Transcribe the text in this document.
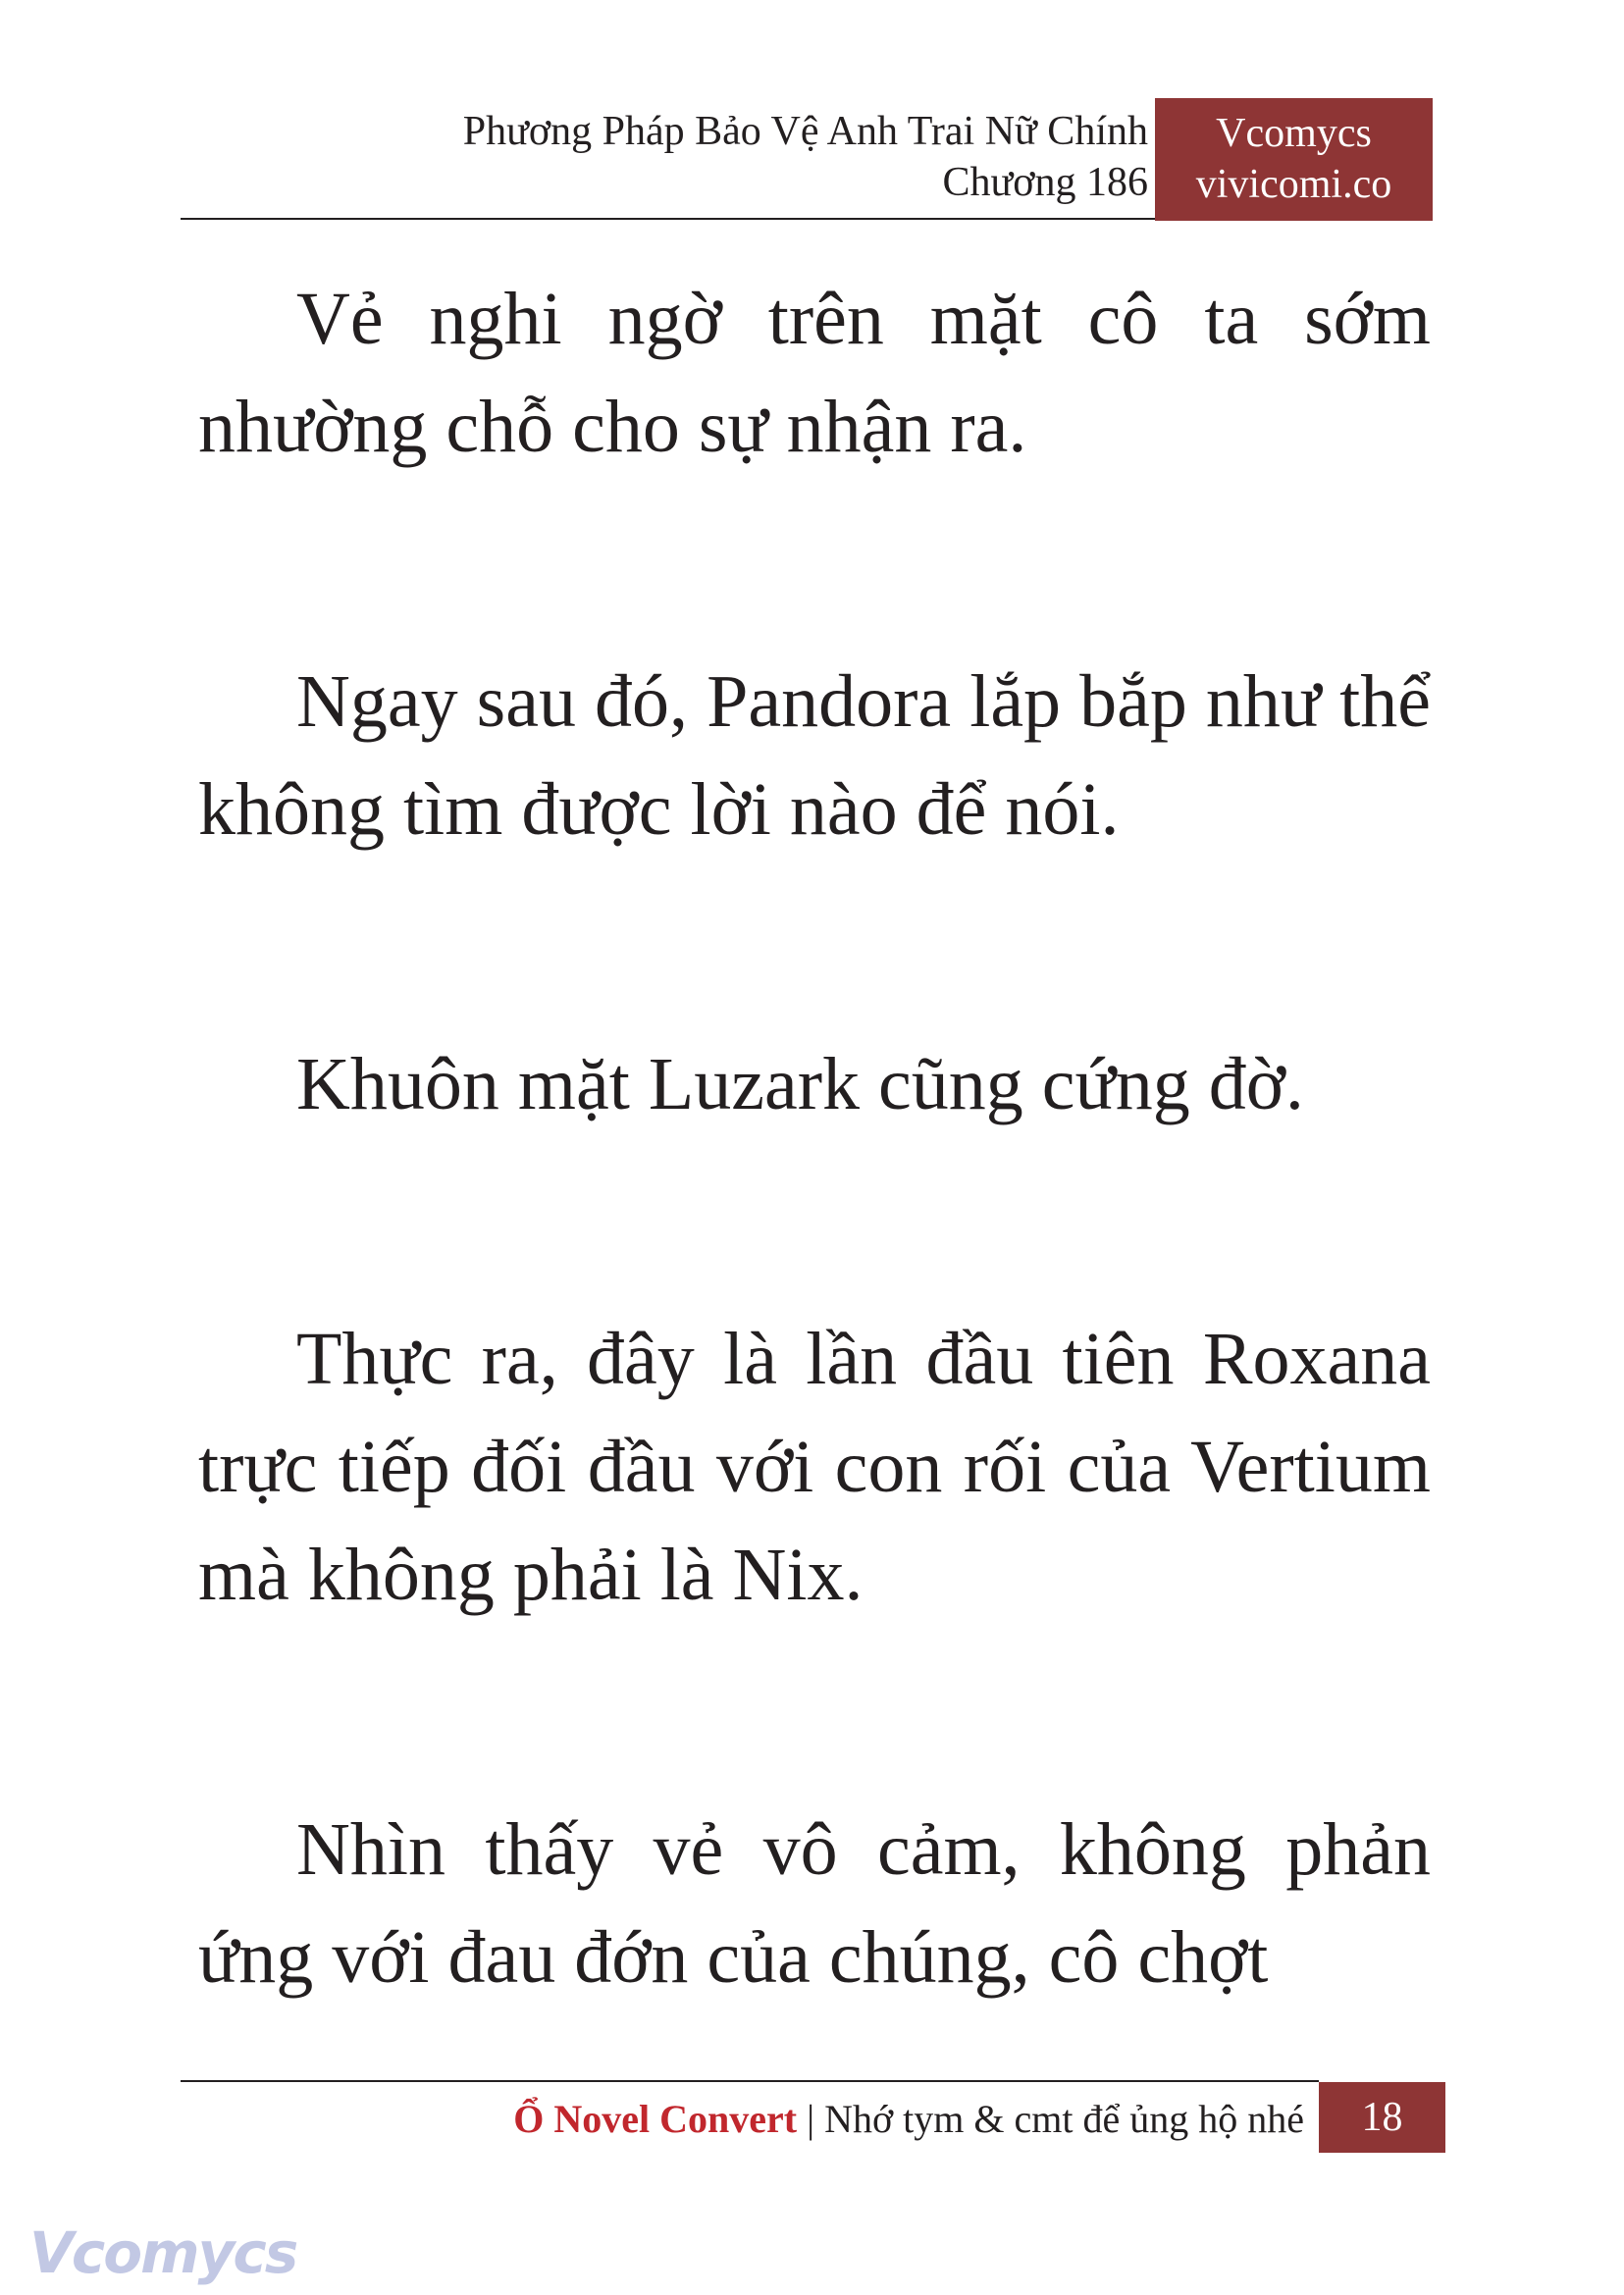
Phương Pháp Bảo Vệ Anh Trai Nữ Chính
Chương 186
Vcomycs
vivicomi.co

Vẻ nghi ngờ trên mặt cô ta sớm nhường chỗ cho sự nhận ra.

Ngay sau đó, Pandora lắp bắp như thể không tìm được lời nào để nói.

Khuôn mặt Luzark cũng cứng đờ.

Thực ra, đây là lần đầu tiên Roxana trực tiếp đối đầu với con rối của Vertium mà không phải là Nix.

Nhìn thấy vẻ vô cảm, không phản ứng với đau đớn của chúng, cô chợt

Ổ Novel Convert | Nhớ tym & cmt để ủng hộ nhé	18
Vcomycs
